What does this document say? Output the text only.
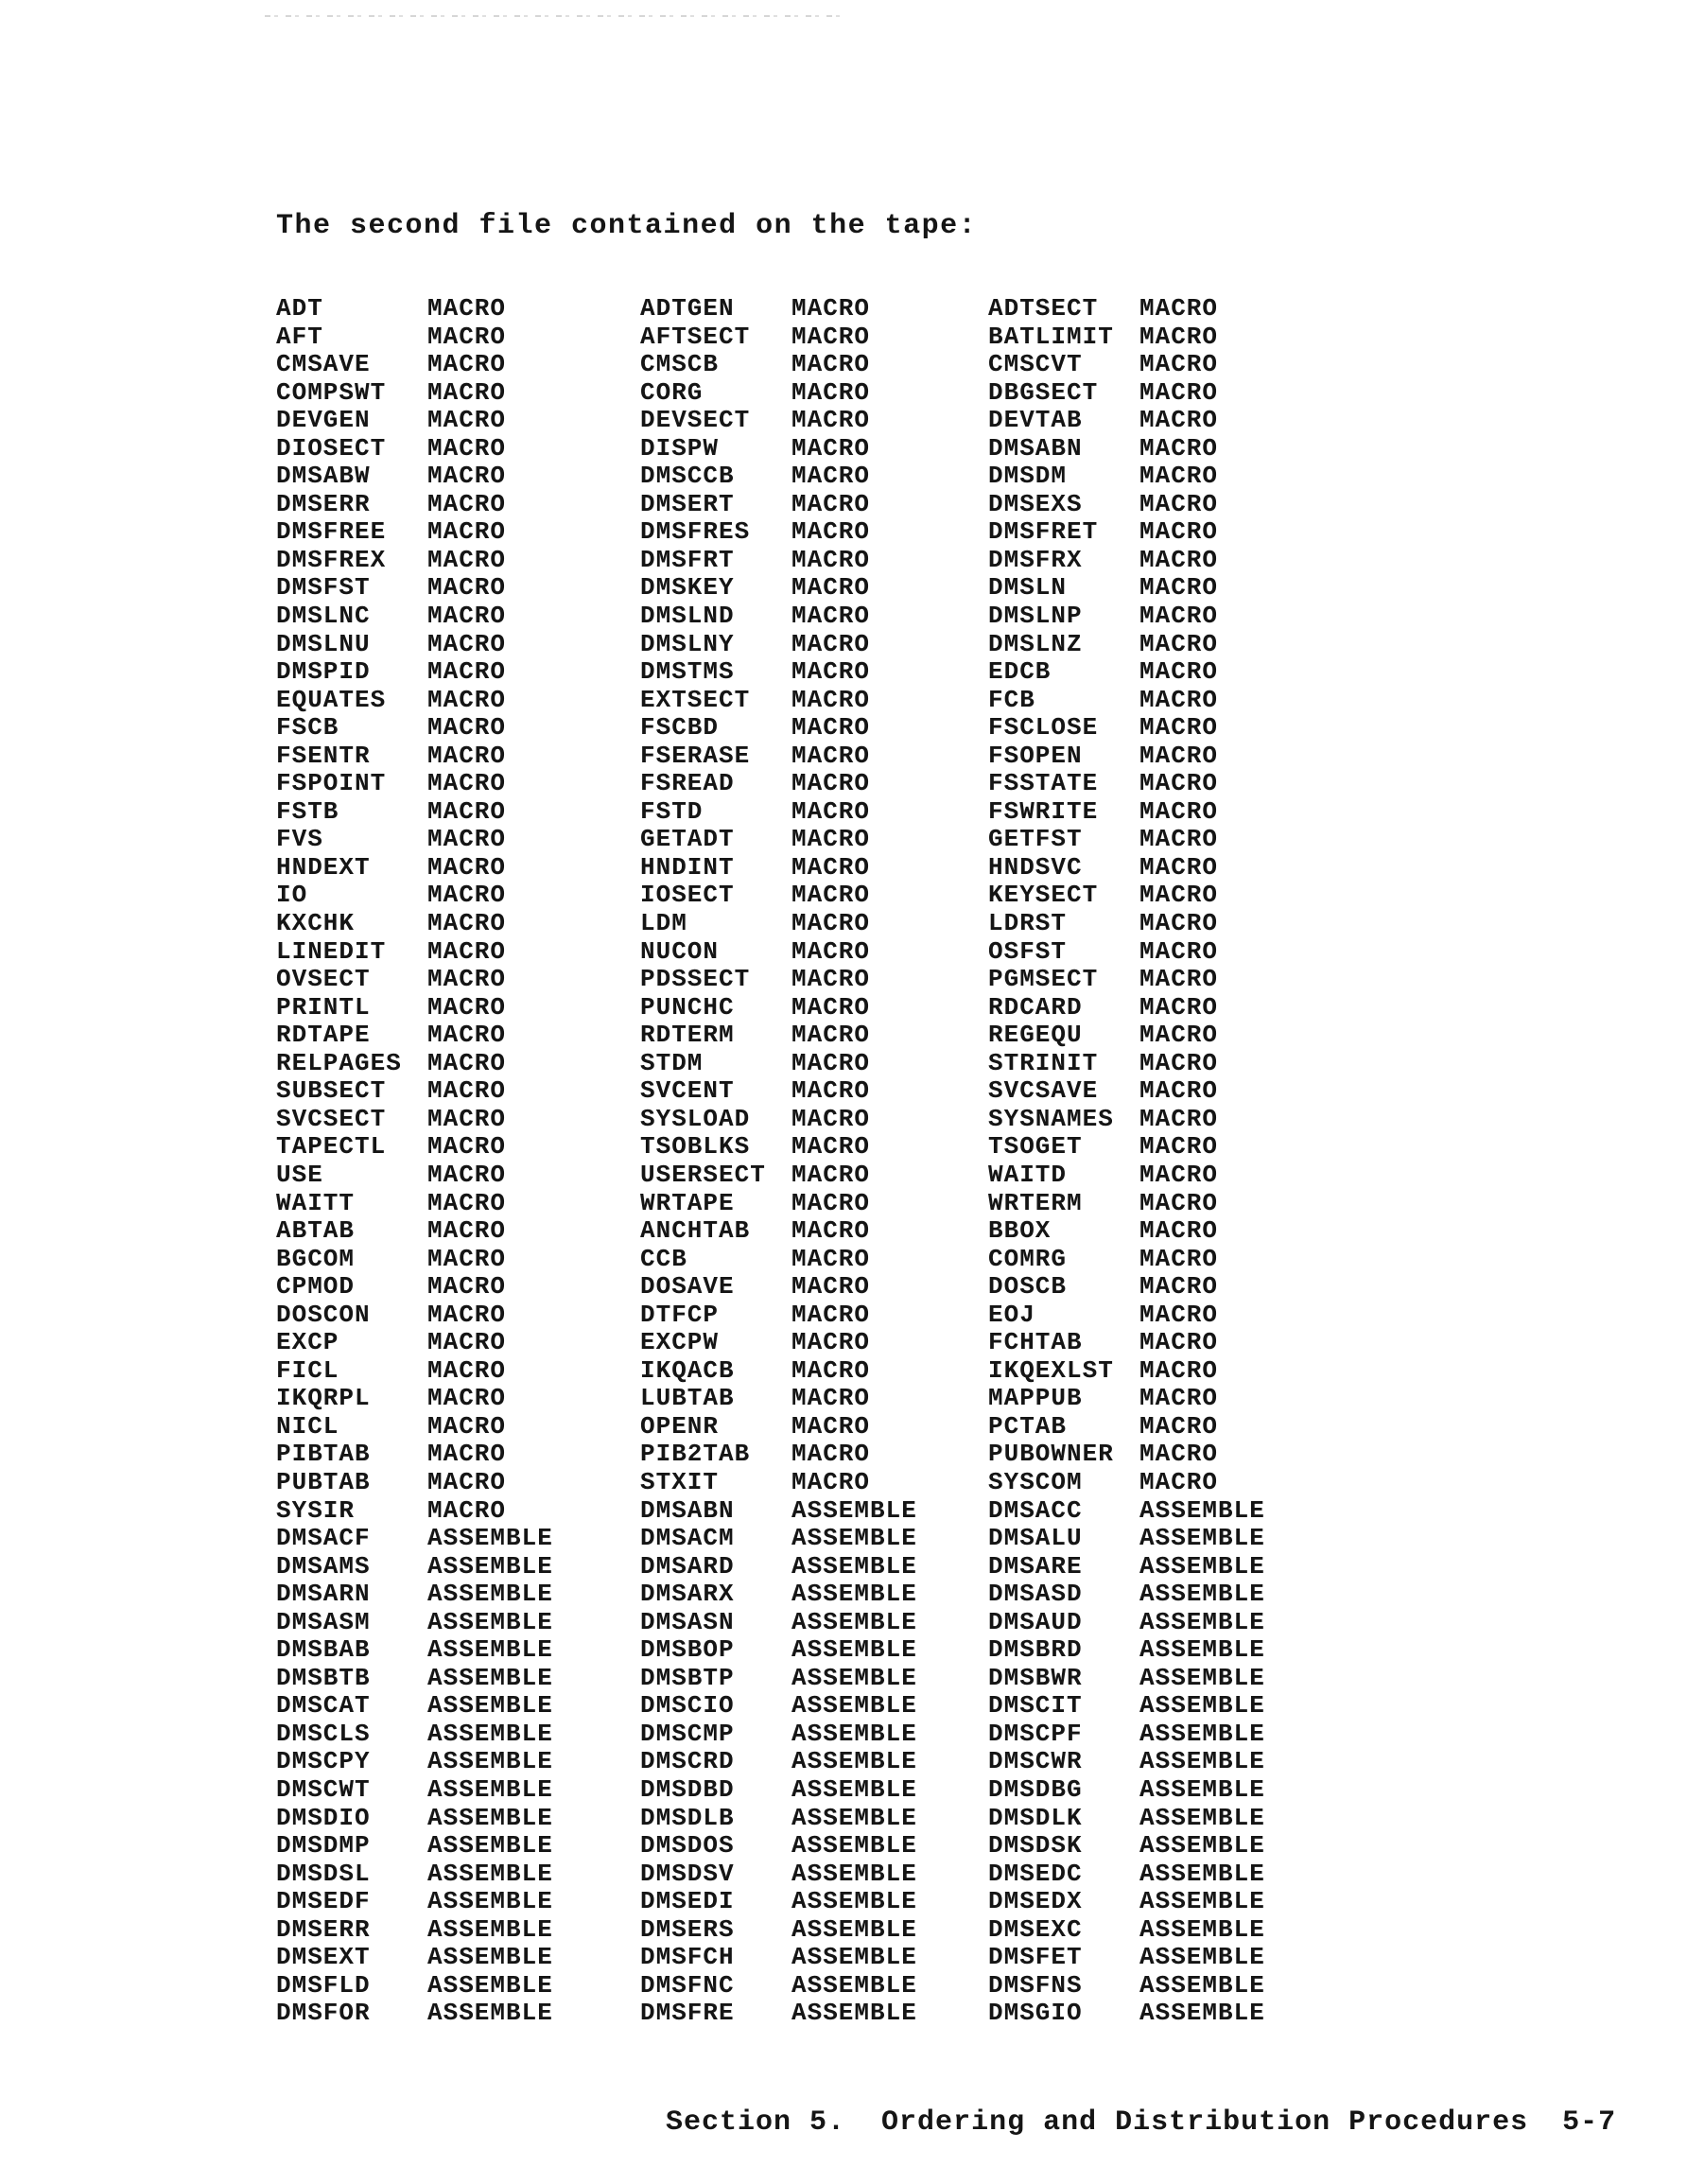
The second file contained on the tape:
ADT	MACRO	ADTGEN	MACRO	ADTSECT	MACRO
AFT	MACRO	AFTSECT	MACRO	BATLIMIT	MACRO
CMSAVE	MACRO	CMSCB	MACRO	CMSCVT	MACRO
COMPSWT	MACRO	CORG	MACRO	DBGSECT	MACRO
DEVGEN	MACRO	DEVSECT	MACRO	DEVTAB	MACRO
DIOSECT	MACRO	DISPW	MACRO	DMSABN	MACRO
DMSABW	MACRO	DMSCCB	MACRO	DMSDM	MACRO
DMSERR	MACRO	DMSERT	MACRO	DMSEXS	MACRO
DMSFREE	MACRO	DMSFRES	MACRO	DMSFRET	MACRO
DMSFREX	MACRO	DMSFRT	MACRO	DMSFRX	MACRO
DMSFST	MACRO	DMSKEY	MACRO	DMSLN	MACRO
DMSLNC	MACRO	DMSLND	MACRO	DMSLNP	MACRO
DMSLNU	MACRO	DMSLNY	MACRO	DMSLNZ	MACRO
DMSPID	MACRO	DMSTMS	MACRO	EDCB	MACRO
EQUATES	MACRO	EXTSECT	MACRO	FCB	MACRO
FSCB	MACRO	FSCBD	MACRO	FSCLOSE	MACRO
FSENTR	MACRO	FSERASE	MACRO	FSOPEN	MACRO
FSPOINT	MACRO	FSREAD	MACRO	FSSTATE	MACRO
FSTB	MACRO	FSTD	MACRO	FSWRITE	MACRO
FVS	MACRO	GETADT	MACRO	GETFST	MACRO
HNDEXT	MACRO	HNDINT	MACRO	HNDSVC	MACRO
IO	MACRO	IOSECT	MACRO	KEYSECT	MACRO
KXCHK	MACRO	LDM	MACRO	LDRST	MACRO
LINEDIT	MACRO	NUCON	MACRO	OSFST	MACRO
OVSECT	MACRO	PDSSECT	MACRO	PGMSECT	MACRO
PRINTL	MACRO	PUNCHC	MACRO	RDCARD	MACRO
RDTAPE	MACRO	RDTERM	MACRO	REGEQU	MACRO
RELPAGES	MACRO	STDM	MACRO	STRINIT	MACRO
SUBSECT	MACRO	SVCENT	MACRO	SVCSAVE	MACRO
SVCSECT	MACRO	SYSLOAD	MACRO	SYSNAMES	MACRO
TAPECTL	MACRO	TSOBLKS	MACRO	TSOGET	MACRO
USE	MACRO	USERSECT	MACRO	WAITD	MACRO
WAITT	MACRO	WRTAPE	MACRO	WRTERM	MACRO
ABTAB	MACRO	ANCHTAB	MACRO	BBOX	MACRO
BGCOM	MACRO	CCB	MACRO	COMRG	MACRO
CPMOD	MACRO	DOSAVE	MACRO	DOSCB	MACRO
DOSCON	MACRO	DTFCP	MACRO	EOJ	MACRO
EXCP	MACRO	EXCPW	MACRO	FCHTAB	MACRO
FICL	MACRO	IKQACB	MACRO	IKQEXLST	MACRO
IKQRPL	MACRO	LUBTAB	MACRO	MAPPUB	MACRO
NICL	MACRO	OPENR	MACRO	PCTAB	MACRO
PIBTAB	MACRO	PIB2TAB	MACRO	PUBOWNER	MACRO
PUBTAB	MACRO	STXIT	MACRO	SYSCOM	MACRO
SYSIR	MACRO	DMSABN	ASSEMBLE	DMSACC	ASSEMBLE
DMSACF	ASSEMBLE	DMSACM	ASSEMBLE	DMSALU	ASSEMBLE
DMSAMS	ASSEMBLE	DMSARD	ASSEMBLE	DMSARE	ASSEMBLE
DMSARN	ASSEMBLE	DMSARX	ASSEMBLE	DMSASD	ASSEMBLE
DMSASM	ASSEMBLE	DMSASN	ASSEMBLE	DMSAUD	ASSEMBLE
DMSBAB	ASSEMBLE	DMSBOP	ASSEMBLE	DMSBRD	ASSEMBLE
DMSBTB	ASSEMBLE	DMSBTP	ASSEMBLE	DMSBWR	ASSEMBLE
DMSCAT	ASSEMBLE	DMSCIO	ASSEMBLE	DMSCIT	ASSEMBLE
DMSCLS	ASSEMBLE	DMSCMP	ASSEMBLE	DMSCPF	ASSEMBLE
DMSCPY	ASSEMBLE	DMSCRD	ASSEMBLE	DMSCWR	ASSEMBLE
DMSCWT	ASSEMBLE	DMSDBD	ASSEMBLE	DMSDBG	ASSEMBLE
DMSDIO	ASSEMBLE	DMSDLB	ASSEMBLE	DMSDLK	ASSEMBLE
DMSDMP	ASSEMBLE	DMSDOS	ASSEMBLE	DMSDSK	ASSEMBLE
DMSDSL	ASSEMBLE	DMSDSV	ASSEMBLE	DMSEDC	ASSEMBLE
DMSEDF	ASSEMBLE	DMSEDI	ASSEMBLE	DMSEDX	ASSEMBLE
DMSERR	ASSEMBLE	DMSERS	ASSEMBLE	DMSEXC	ASSEMBLE
DMSEXT	ASSEMBLE	DMSFCH	ASSEMBLE	DMSFET	ASSEMBLE
DMSFLD	ASSEMBLE	DMSFNC	ASSEMBLE	DMSFNS	ASSEMBLE
DMSFOR	ASSEMBLE	DMSFRE	ASSEMBLE	DMSGIO	ASSEMBLE

Section 5.  Ordering and Distribution Procedures 5-7
